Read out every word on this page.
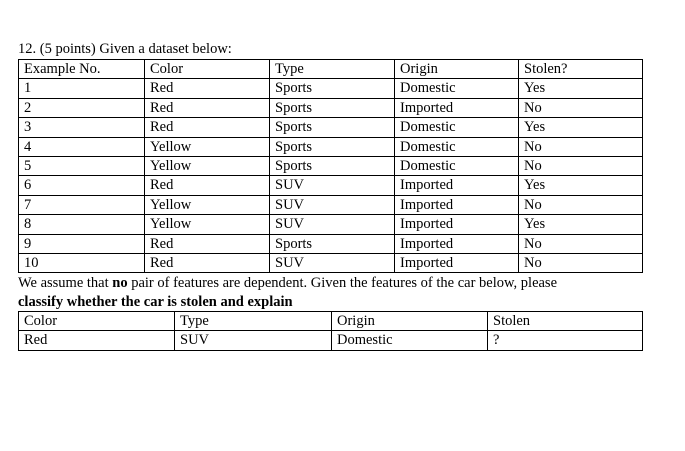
12. (5 points) Given a dataset below:
Example No.	Color	Type	Origin	Stolen?
1	Red	Sports	Domestic	Yes
2	Red	Sports	Imported	No
3	Red	Sports	Domestic	Yes
4	Yellow	Sports	Domestic	No
5	Yellow	Sports	Domestic	No
6	Red	SUV	Imported	Yes
7	Yellow	SUV	Imported	No
8	Yellow	SUV	Imported	Yes
9	Red	Sports	Imported	No
10	Red	SUV	Imported	No
We assume that no pair of features are dependent. Given the features of the car below, please
classify whether the car is stolen and explain
Color	Type	Origin	Stolen
Red	SUV	Domestic	?
